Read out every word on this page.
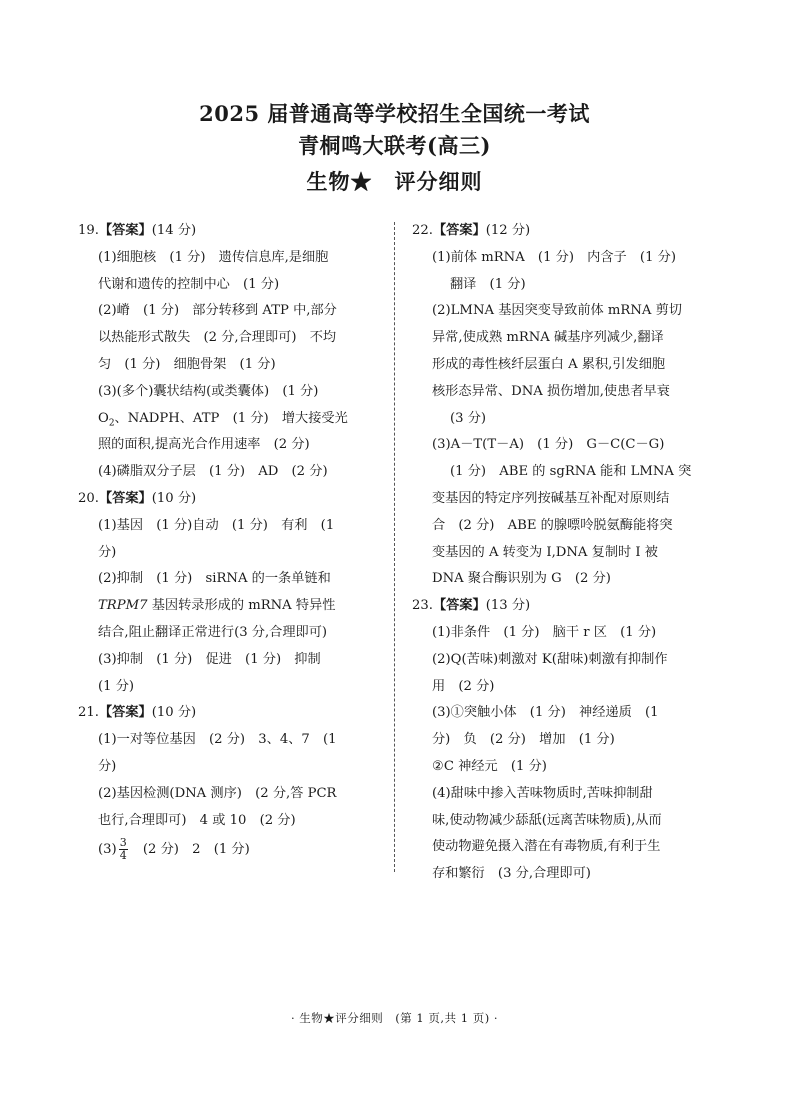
2025 届普通高等学校招生全国统一考试
青桐鸣大联考(高三)
生物★　评分细则
19.【答案】(14 分)
(1)细胞核　(1 分)　遗传信息库,是细胞
代谢和遗传的控制中心　(1 分)
(2)嵴　(1 分)　部分转移到 ATP 中,部分
以热能形式散失　(2 分,合理即可)　不均
匀　(1 分)　细胞骨架　(1 分)
(3)(多个)囊状结构(或类囊体)　(1 分)
$O_2$、NADPH、ATP　(1 分)　增大接受光
照的面积,提高光合作用速率　(2 分)
(4)磷脂双分子层　(1 分)　AD　(2 分)
20.【答案】(10 分)
(1)基因　(1 分)自动　(1 分)　有利　(1
分)
(2)抑制　(1 分)　siRNA 的一条单链和
TRPM7 基因转录形成的 mRNA 特异性
结合,阻止翻译正常进行(3 分,合理即可)
(3)抑制　(1 分)　促进　(1 分)　抑制
(1 分)
21.【答案】(10 分)
(1)一对等位基因　(2 分)　3、4、7　(1
分)
(2)基因检测(DNA 测序)　(2 分,答 PCR
也行,合理即可)　4 或 10　(2 分)
$(3) \frac{3}{4}$ 　(2 分)　2　(1 分)
22.【答案】(12 分)
(1)前体 mRNA　(1 分)　内含子　(1 分)
翻译　(1 分)
(2)LMNA 基因突变导致前体 mRNA 剪切
异常,使成熟 mRNA 碱基序列减少,翻译
形成的毒性核纤层蛋白 A 累积,引发细胞
核形态异常、DNA 损伤增加,使患者早衰
(3 分)
(3)A－T(T－A)　(1 分)　G－C(C－G)
(1 分)　ABE 的 sgRNA 能和 LMNA 突
变基因的特定序列按碱基互补配对原则结
合　(2 分)　ABE 的腺嘌呤脱氨酶能将突
变基因的 A 转变为 I,DNA 复制时 I 被
DNA 聚合酶识别为 G　(2 分)
23.【答案】(13 分)
(1)非条件　(1 分)　脑干 r 区　(1 分)
(2)Q(苦味)刺激对 K(甜味)刺激有抑制作
用　(2 分)
(3)①突触小体　(1 分)　神经递质　(1
分)　负　(2 分)　增加　(1 分)
②C 神经元　(1 分)
(4)甜味中掺入苦味物质时,苦味抑制甜
味,使动物减少舔舐(远离苦味物质),从而
使动物避免摄入潜在有毒物质,有利于生
存和繁衍　(3 分,合理即可)
· 生物★评分细则　(第 1 页,共 1 页) ·
